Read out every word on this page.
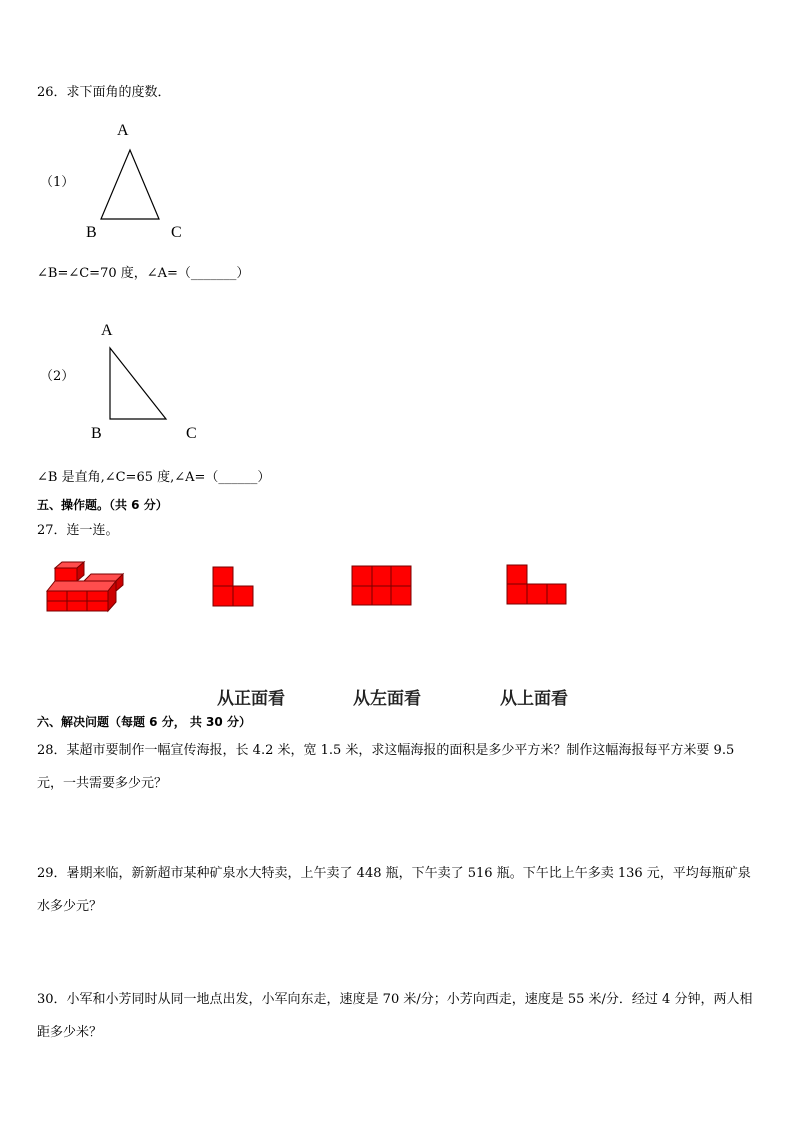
26．求下面角的度数．
A
（1）
B	C
∠B=∠C=70 度，∠A=（_______）
A
（2）
B	C
∠B 是直角,∠C=65 度,∠A=（______）
五、操作题。（共 6 分）
27．连一连。
从正面看	从左面看	从上面看
六、解决问题（每题 6 分， 共 30 分）
28．某超市要制作一幅宣传海报，长 4.2 米，宽 1.5 米，求这幅海报的面积是多少平方米？制作这幅海报每平方米要 9.5 元，一共需要多少元？
29．暑期来临，新新超市某种矿泉水大特卖，上午卖了 448 瓶，下午卖了 516 瓶。下午比上午多卖 136 元，平均每瓶矿泉水多少元？
30．小军和小芳同时从同一地点出发，小军向东走，速度是 70 米/分；小芳向西走，速度是 55 米/分．经过 4 分钟，两人相距多少米？
